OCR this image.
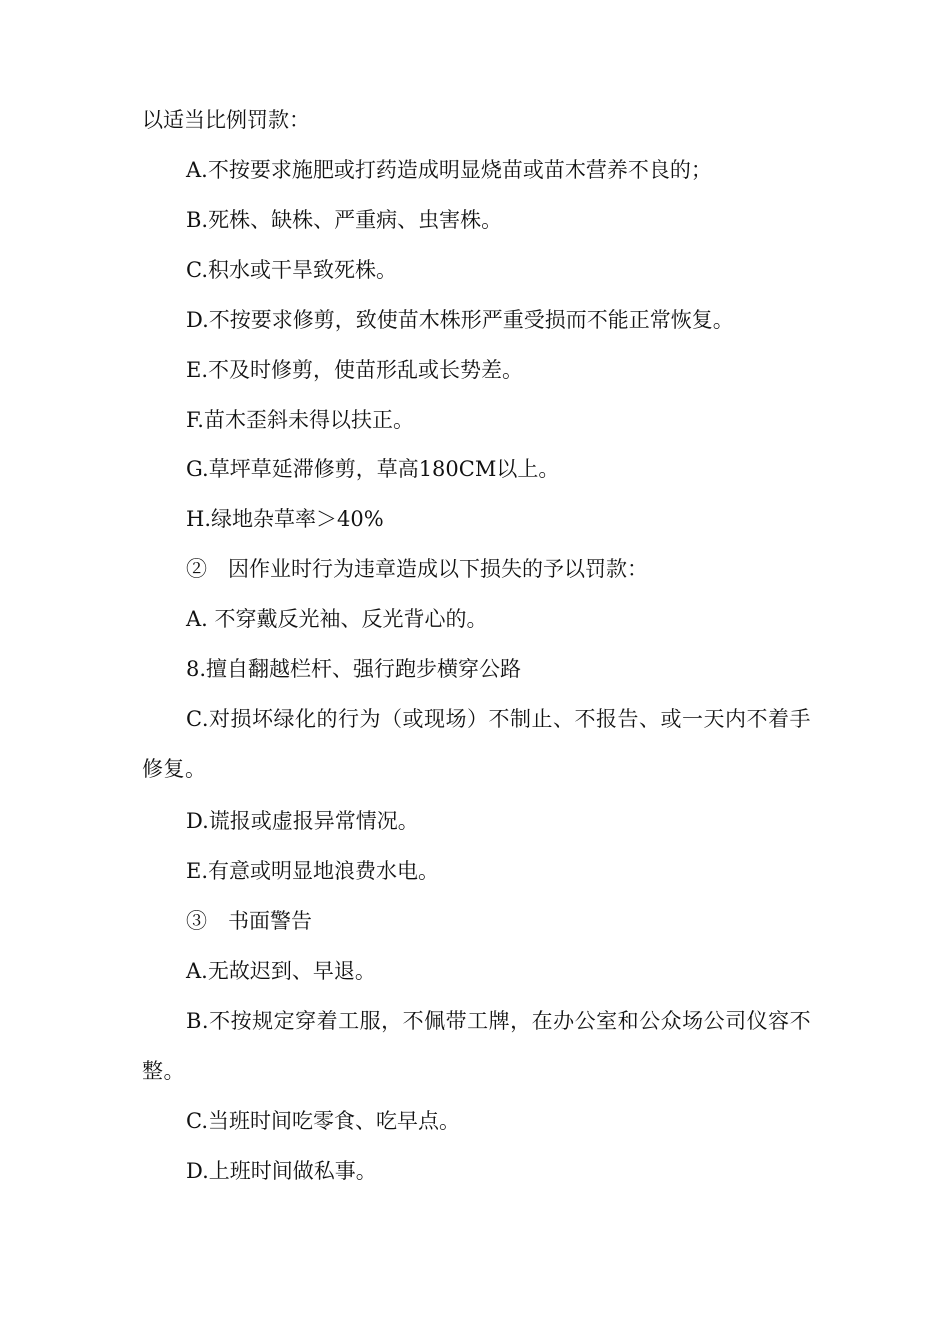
以适当比例罚款：
A.不按要求施肥或打药造成明显烧苗或苗木营养不良的；
B.死株、缺株、严重病、虫害株。
C.积水或干旱致死株。
D.不按要求修剪，致使苗木株形严重受损而不能正常恢复。
E.不及时修剪，使苗形乱或长势差。
F.苗木歪斜未得以扶正。
G.草坪草延滞修剪，草高180CM以上。
H.绿地杂草率＞40%
②　因作业时行为违章造成以下损失的予以罚款：
A. 不穿戴反光袖、反光背心的。
8.擅自翻越栏杆、强行跑步横穿公路
C.对损坏绿化的行为（或现场）不制止、不报告、或一天内不着手修复。
D.谎报或虚报异常情况。
E.有意或明显地浪费水电。
③　书面警告
A.无故迟到、早退。
B.不按规定穿着工服，不佩带工牌，在办公室和公众场公司仪容不整。
C.当班时间吃零食、吃早点。
D.上班时间做私事。
